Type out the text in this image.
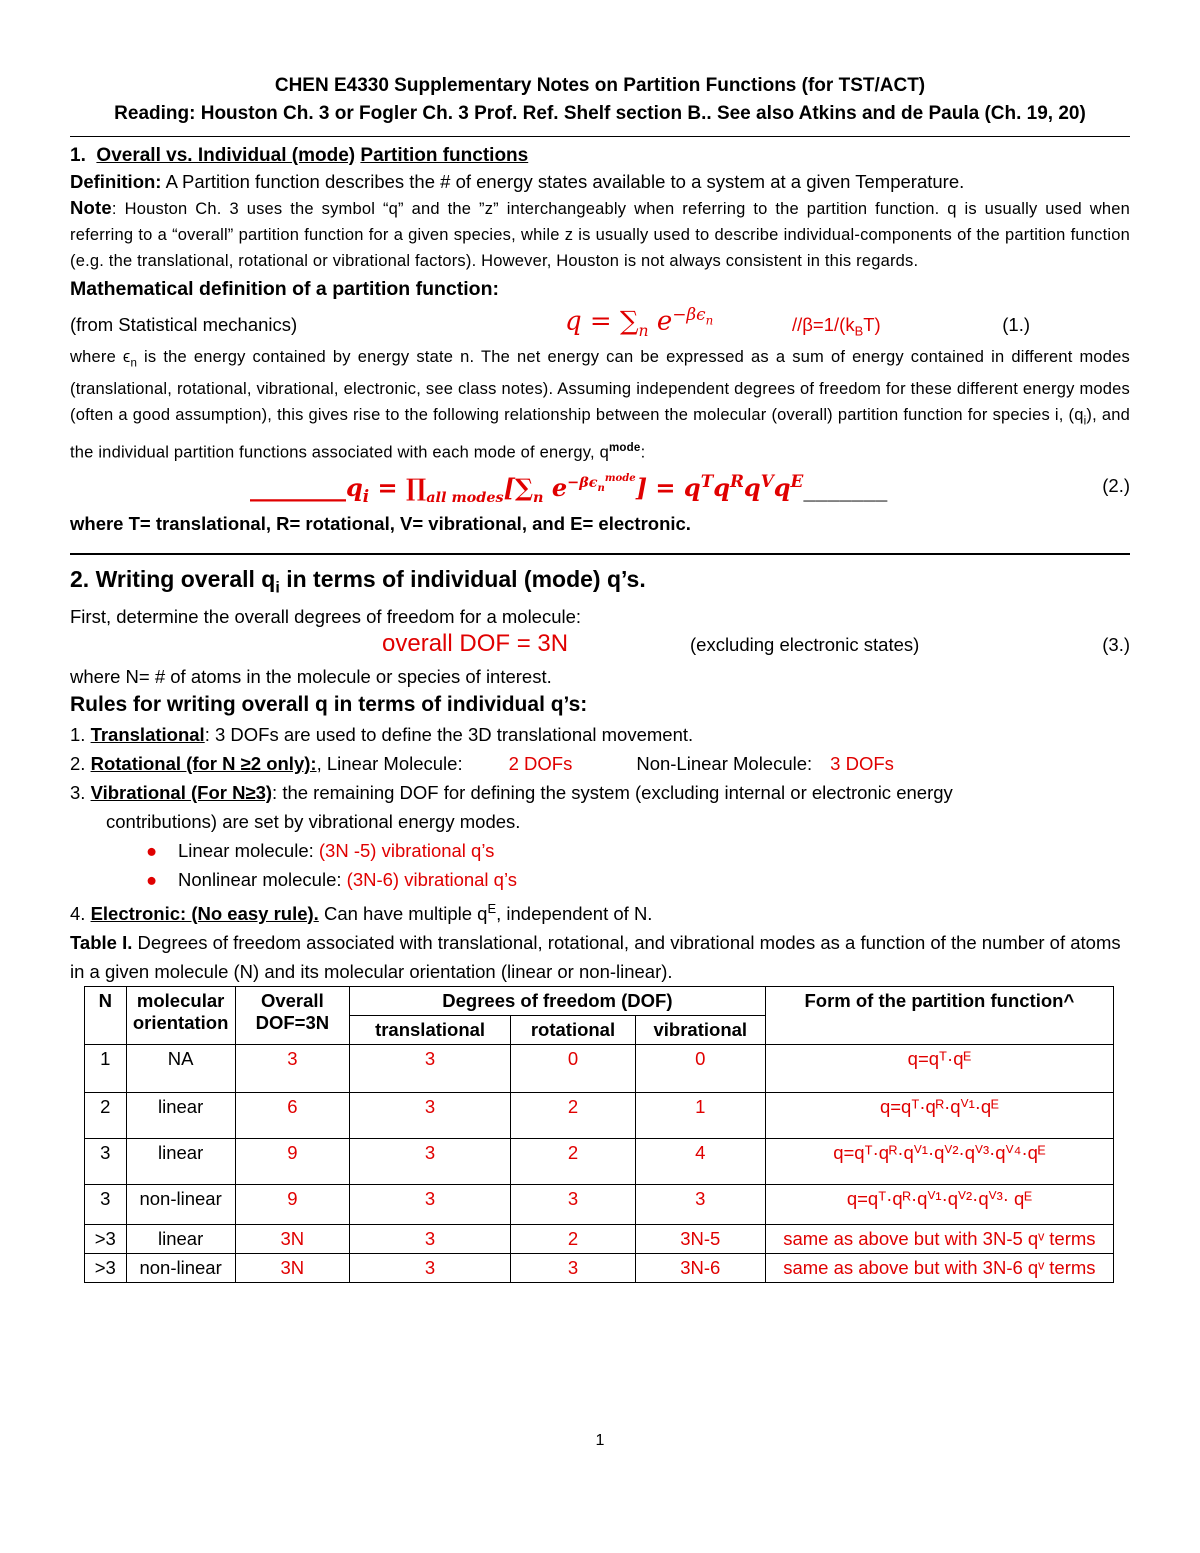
CHEN E4330 Supplementary Notes on Partition Functions (for TST/ACT)
Reading: Houston Ch. 3 or Fogler Ch. 3 Prof. Ref. Shelf section B.. See also Atkins and de Paula (Ch. 19, 20)
1. Overall vs. Individual (mode) Partition functions

Definition: A Partition function describes the # of energy states available to a system at a given Temperature.

Note: Houston Ch. 3 uses the symbol “q” and the ”z” interchangeably when referring to the partition function. q is usually used when referring to a “overall” partition function for a given species, while z is usually used to describe individual-components of the partition function (e.g. the translational, rotational or vibrational factors). However, Houston is not always consistent in this regards.

Mathematical definition of a partition function:

(from Statistical mechanics)	$q = \sum_n$ $e^{-\beta\epsilon_n}$	$//\beta=1/(k_BT)$	(1.)

where $\epsilon_n$ is the energy contained by energy state n. The net energy can be expressed as a sum of energy contained in different modes (translational, rotational, vibrational, electronic, see class notes). Assuming independent degrees of freedom for these different energy modes (often a good assumption), this gives rise to the following relationship between the molecular (overall) partition function for species i, $(q_i)$, and the individual partition functions associated with each mode of energy, $q^{mode}$:

$\_\_\_\_\_\_\_\_q_i$ = $\prod_{all modes}[\sum_n$ $e^{-\beta\epsilon_n^{mode}}$] = $q^Tq^Rq^Vq^E\_\_\_\_\_\_\_$	(2.)

where T= translational, R= rotational, V= vibrational, and E= electronic.

2. Writing overall $q_i$ in terms of individual (mode) q’s.

First, determine the overall degrees of freedom for a molecule:

overall DOF = 3N	(excluding electronic states)	(3.)

where N= # of atoms in the molecule or species of interest.

Rules for writing overall q in terms of individual q’s:

1. Translational: 3 DOFs are used to define the 3D translational movement.

2. Rotational (for N ≥2 only):, Linear Molecule: 2 DOFs	Non-Linear Molecule: 3 DOFs

3. Vibrational (For N≥3): the remaining DOF for defining the system (excluding internal or electronic energy

contributions) are set by vibrational energy modes.

● Linear molecule: (3N -5) vibrational q’s

● Nonlinear molecule: (3N-6) vibrational q’s

4. Electronic: (No easy rule). Can have multiple $q^E$, independent of N.

Table I. Degrees of freedom associated with translational, rotational, and vibrational modes as a function of the number of atoms in a given molecule (N) and its molecular orientation (linear or non-linear).

N	molecular orientation	Overall DOF=3N	Degrees of freedom (DOF)			Form of the partition function^
			translational	rotational	vibrational	
1	NA	3	3	0	0	q=qᵀ·qᴱ
2	linear	6	3	2	1	q=qᵀ·qᴿ·qⱽ¹·qᴱ
3	linear	9	3	2	4	q=qᵀ·qᴿ·qⱽ¹·qⱽ²·qⱽ³·qⱽ⁴·qᴱ
3	non-linear	9	3	3	3	q=qᵀ·qᴿ·qⱽ¹·qⱽ²·qⱽ³· qᴱ
>3	linear	3N	3	2	3N-5	same as above but with 3N-5 qᵛ terms
>3	non-linear	3N	3	3	3N-6	same as above but with 3N-6 qᵛ terms
1
